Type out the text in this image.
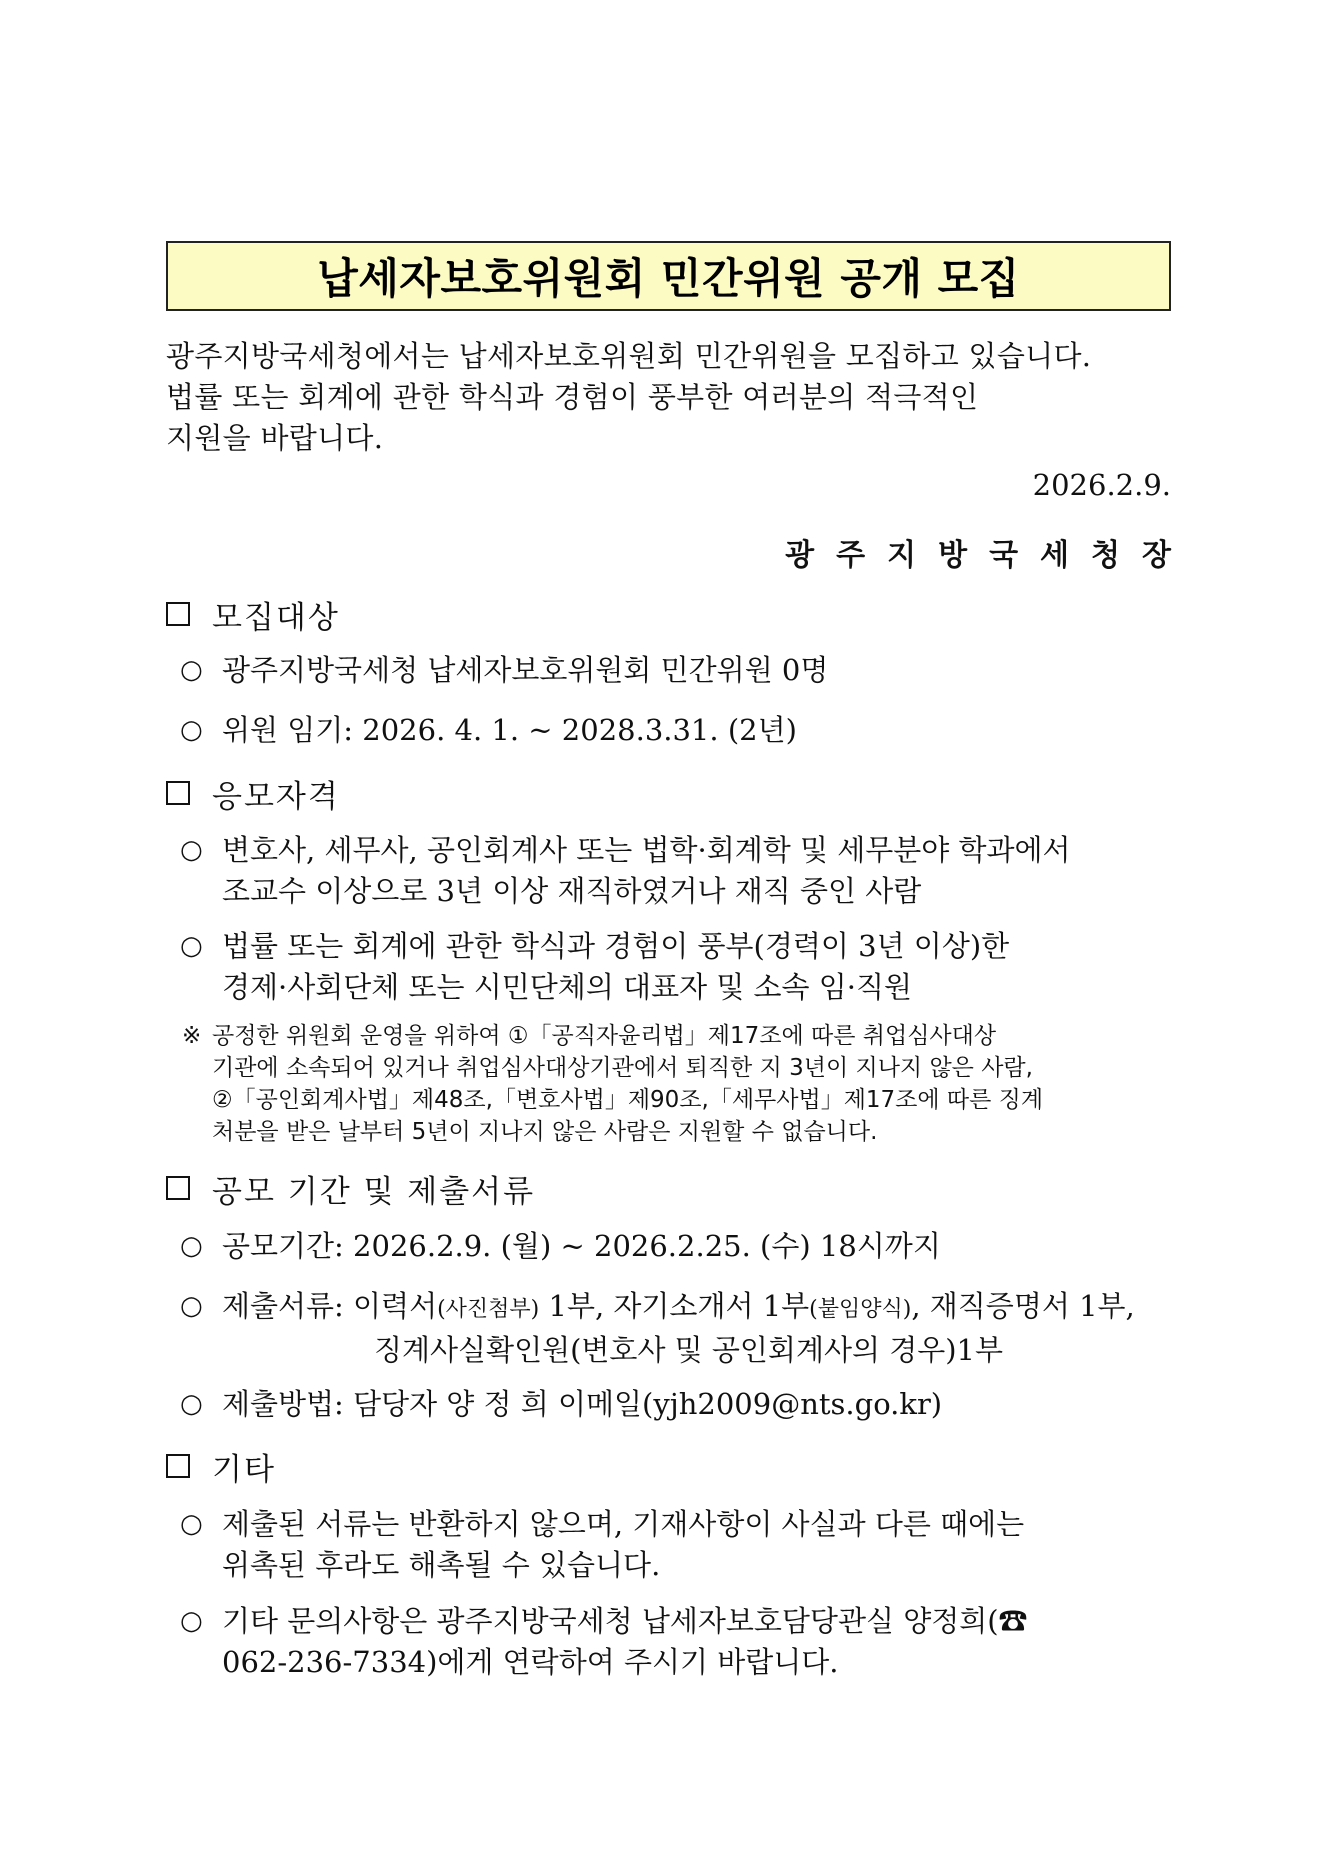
납세자보호위원회 민간위원 공개 모집

광주지방국세청에서는 납세자보호위원회 민간위원을 모집하고 있습니다.

법률 또는 회계에 관한 학식과 경험이 풍부한 여러분의 적극적인

지원을 바랍니다.

2026.2.9.
광주지방국세청장
모집대상
○ 광주지방국세청 납세자보호위원회 민간위원 0명
○ 위원 임기: 2026. 4. 1. ~ 2028.3.31. (2년)
응모자격
○ 변호사, 세무사, 공인회계사 또는 법학·회계학 및 세무분야 학과에서
조교수 이상으로 3년 이상 재직하였거나 재직 중인 사람
○ 법률 또는 회계에 관한 학식과 경험이 풍부(경력이 3년 이상)한
경제·사회단체 또는 시민단체의 대표자 및 소속 임·직원
※ 공정한 위원회 운영을 위하여 ①「공직자윤리법」제17조에 따른 취업심사대상
기관에 소속되어 있거나 취업심사대상기관에서 퇴직한 지 3년이 지나지 않은 사람,
②「공인회계사법」제48조,「변호사법」제90조,「세무사법」제17조에 따른 징계
처분을 받은 날부터 5년이 지나지 않은 사람은 지원할 수 없습니다.
공모 기간 및 제출서류
○ 공모기간: 2026.2.9. (월) ~ 2026.2.25. (수) 18시까지
○ 제출서류: 이력서(사진첨부) 1부, 자기소개서 1부(붙임양식), 재직증명서 1부,
징계사실확인원(변호사 및 공인회계사의 경우)1부
○ 제출방법: 담당자 양 정 희 이메일(yjh2009@nts.go.kr)
기타
○ 제출된 서류는 반환하지 않으며, 기재사항이 사실과 다른 때에는
위촉된 후라도 해촉될 수 있습니다.
○ 기타 문의사항은 광주지방국세청 납세자보호담당관실 양정희(☎
062-236-7334)에게 연락하여 주시기 바랍니다.
